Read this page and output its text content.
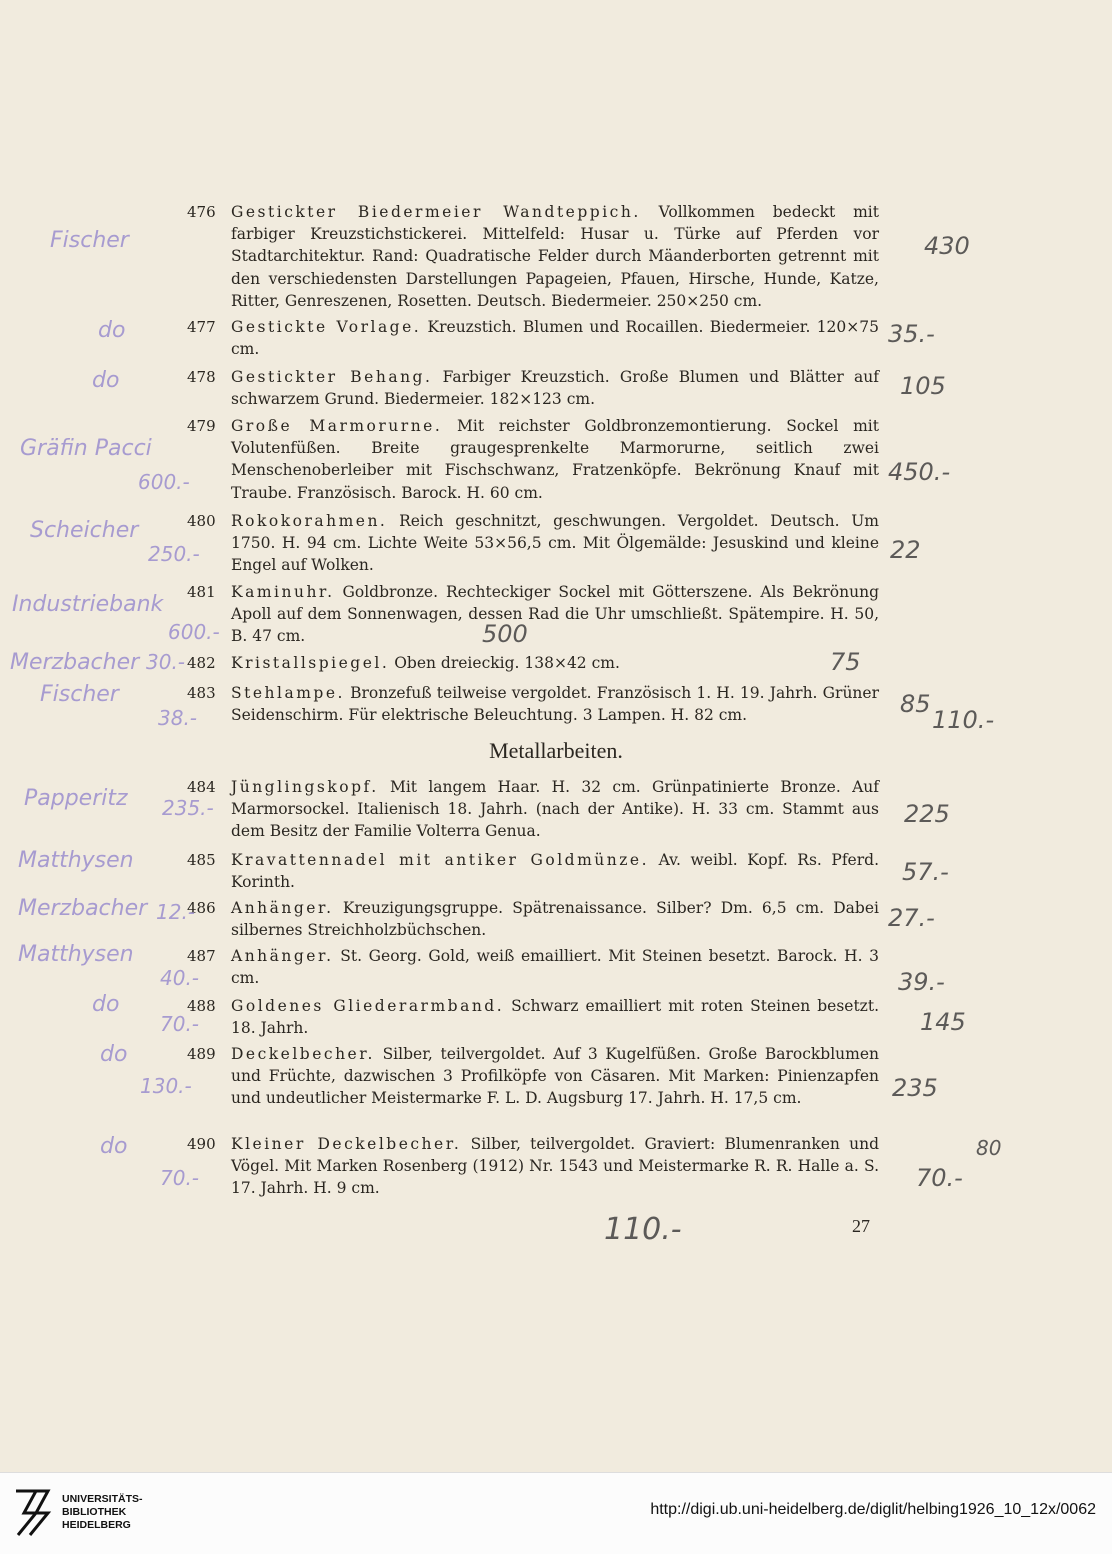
476 Gestickter Biedermeier Wandteppich. Vollkommen bedeckt mit farbiger Kreuzstichstickerei. Mittelfeld: Husar u. Türke auf Pferden vor Stadtarchitektur. Rand: Quadratische Felder durch Mäanderborten getrennt mit den verschiedensten Darstellungen Papageien, Pfauen, Hirsche, Hunde, Katze, Ritter, Genreszenen, Rosetten. Deutsch. Biedermeier. 250×250 cm.
477 Gestickte Vorlage. Kreuzstich. Blumen und Rocaillen. Biedermeier. 120×75 cm.
478 Gestickter Behang. Farbiger Kreuzstich. Große Blumen und Blätter auf schwarzem Grund. Biedermeier. 182×123 cm.
479 Große Marmorurne. Mit reichster Goldbronzemontierung. Sockel mit Volutenfüßen. Breite graugesprenkelte Marmorurne, seitlich zwei Menschenoberleiber mit Fischschwanz, Fratzenköpfe. Bekrönung Knauf mit Traube. Französisch. Barock. H. 60 cm.
480 Rokokorahmen. Reich geschnitzt, geschwungen. Vergoldet. Deutsch. Um 1750. H. 94 cm. Lichte Weite 53×56,5 cm. Mit Ölgemälde: Jesuskind und kleine Engel auf Wolken.
481 Kaminuhr. Goldbronze. Rechteckiger Sockel mit Götterszene. Als Bekrönung Apoll auf dem Sonnenwagen, dessen Rad die Uhr umschließt. Spätempire. H. 50, B. 47 cm.
482 Kristallspiegel. Oben dreieckig. 138×42 cm.
483 Stehlampe. Bronzefuß teilweise vergoldet. Französisch 1. H. 19. Jahrh. Grüner Seidenschirm. Für elektrische Beleuchtung. 3 Lampen. H. 82 cm.
Metallarbeiten.
484 Jünglingskopf. Mit langem Haar. H. 32 cm. Grünpatinierte Bronze. Auf Marmorsockel. Italienisch 18. Jahrh. (nach der Antike). H. 33 cm. Stammt aus dem Besitz der Familie Volterra Genua.
485 Kravattennadel mit antiker Goldmünze. Av. weibl. Kopf. Rs. Pferd. Korinth.
486 Anhänger. Kreuzigungsgruppe. Spätrenaissance. Silber? Dm. 6,5 cm. Dabei silbernes Streichholzbüchschen.
487 Anhänger. St. Georg. Gold, weiß emailliert. Mit Steinen besetzt. Barock. H. 3 cm.
488 Goldenes Gliederarmband. Schwarz emailliert mit roten Steinen besetzt. 18. Jahrh.
489 Deckelbecher. Silber, teilvergoldet. Auf 3 Kugelfüßen. Große Barockblumen und Früchte, dazwischen 3 Profilköpfe von Cäsaren. Mit Marken: Pinienzapfen und undeutlicher Meistermarke F. L. D. Augsburg 17. Jahrh. H. 17,5 cm.
490 Kleiner Deckelbecher. Silber, teilvergoldet. Graviert: Blumenranken und Vögel. Mit Marken Rosenberg (1912) Nr. 1543 und Meistermarke R. R. Halle a. S. 17. Jahrh. H. 9 cm.
27
Fischer
do
do
Gräfin Pacci
600.-
Scheicher
250.-
Industriebank
600.-
Merzbacher 30.-
Fischer
38.-
Papperitz 235.-
Matthysen
Merzbacher 12.-
Matthysen
40.-
do
70.-
do
130.-
do
70.-
430
35.-
105
450.-
22
500
75
85
110.-
225
57.-
27.-
39.-
145
235
70.-
80
110.-
UNIVERSITÄTS-
BIBLIOTHEK
HEIDELBERG
http://digi.ub.uni-heidelberg.de/diglit/helbing1926_10_12x/0062
